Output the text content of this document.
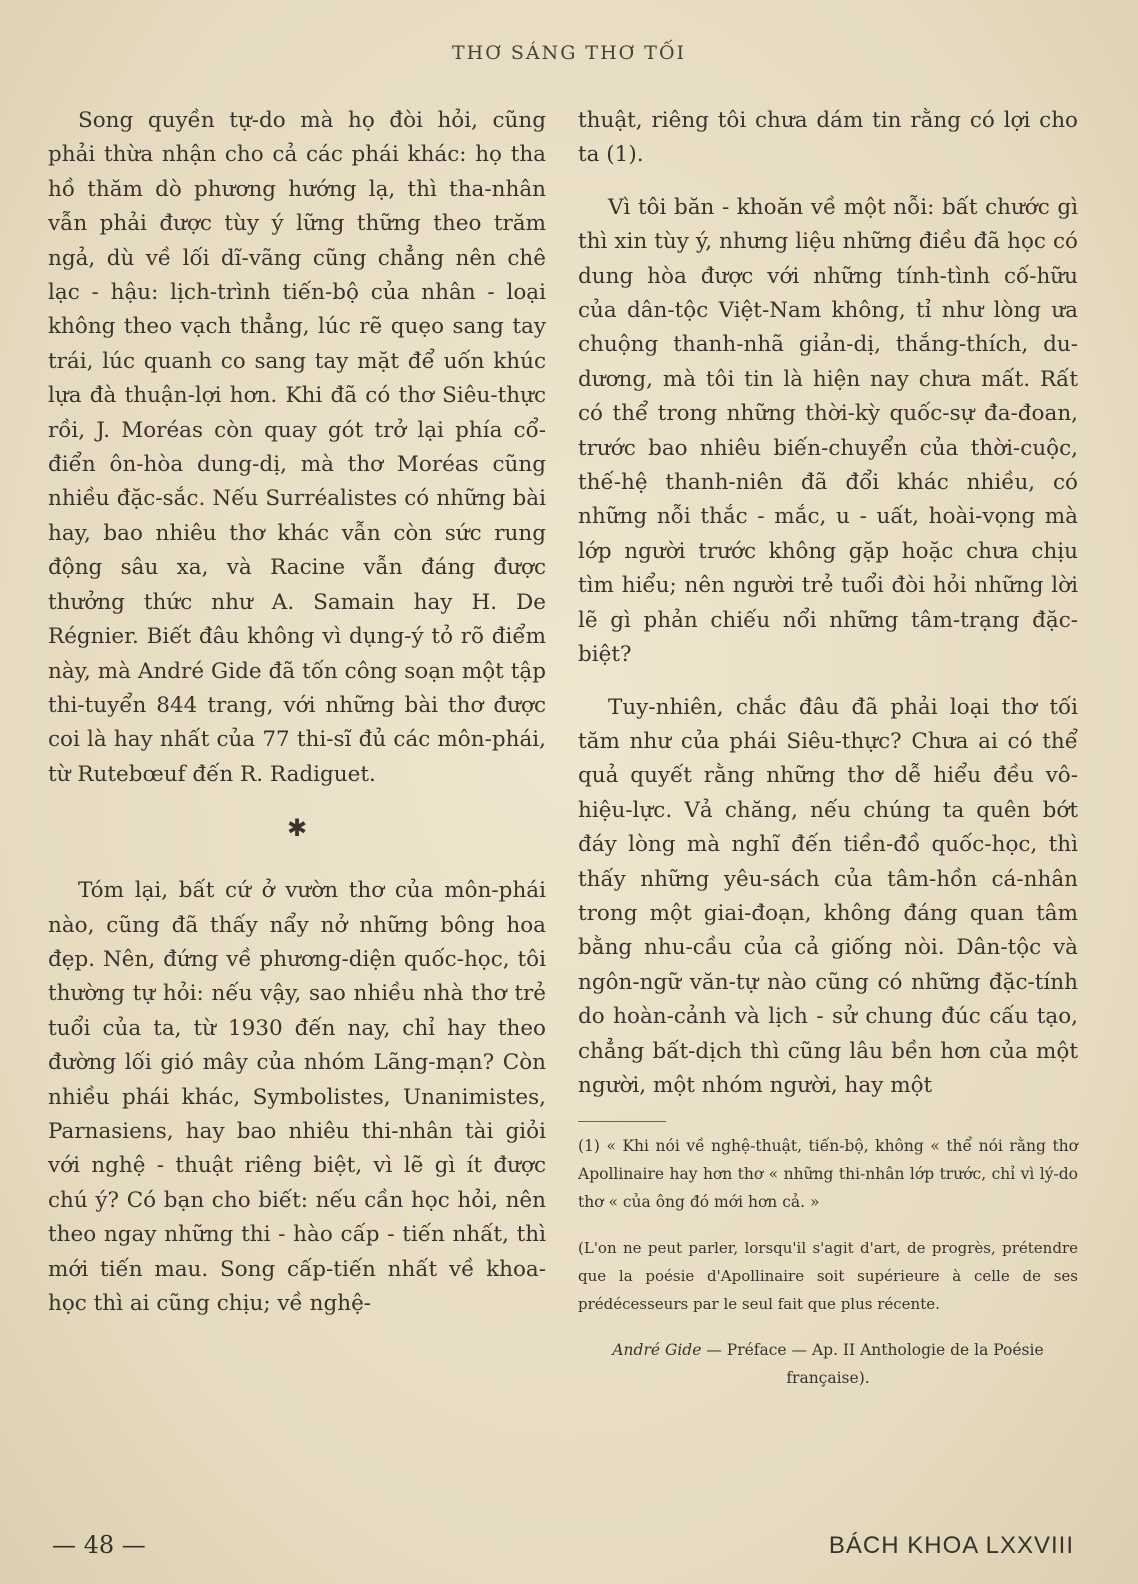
THƠ SÁNG THƠ TỐI

Song quyền tự-do mà họ đòi hỏi, cũng phải thừa nhận cho cả các phái khác: họ tha hồ thăm dò phương hướng lạ, thì tha-nhân vẫn phải được tùy ý lững thững theo trăm ngả, dù về lối dĩ-vãng cũng chẳng nên chê lạc - hậu: lịch-trình tiến-bộ của nhân - loại không theo vạch thẳng, lúc rẽ quẹo sang tay trái, lúc quanh co sang tay mặt để uốn khúc lựa đà thuận-lợi hơn. Khi đã có thơ Siêu-thực rồi, J. Moréas còn quay gót trở lại phía cổ-điển ôn-hòa dung-dị, mà thơ Moréas cũng nhiều đặc-sắc. Nếu Surréalistes có những bài hay, bao nhiêu thơ khác vẫn còn sức rung động sâu xa, và Racine vẫn đáng được thưởng thức như A. Samain hay H. De Régnier. Biết đâu không vì dụng-ý tỏ rõ điểm này, mà André Gide đã tốn công soạn một tập thi-tuyển 844 trang, với những bài thơ được coi là hay nhất của 77 thi-sĩ đủ các môn-phái, từ Rutebœuf đến R. Radiguet.

✱

Tóm lại, bất cứ ở vườn thơ của môn-phái nào, cũng đã thấy nẩy nở những bông hoa đẹp. Nên, đứng về phương-diện quốc-học, tôi thường tự hỏi: nếu vậy, sao nhiều nhà thơ trẻ tuổi của ta, từ 1930 đến nay, chỉ hay theo đường lối gió mây của nhóm Lãng-mạn? Còn nhiều phái khác, Symbolistes, Unanimistes, Parnasiens, hay bao nhiêu thi-nhân tài giỏi với nghệ - thuật riêng biệt, vì lẽ gì ít được chú ý? Có bạn cho biết: nếu cần học hỏi, nên theo ngay những thi - hào cấp - tiến nhất, thì mới tiến mau. Song cấp-tiến nhất về khoa-học thì ai cũng chịu; về nghệ-

thuật, riêng tôi chưa dám tin rằng có lợi cho ta (1).

Vì tôi băn - khoăn về một nỗi: bất chước gì thì xin tùy ý, nhưng liệu những điều đã học có dung hòa được với những tính-tình cố-hữu của dân-tộc Việt-Nam không, tỉ như lòng ưa chuộng thanh-nhã giản-dị, thắng-thích, du-dương, mà tôi tin là hiện nay chưa mất. Rất có thể trong những thời-kỳ quốc-sự đa-đoan, trước bao nhiêu biến-chuyển của thời-cuộc, thế-hệ thanh-niên đã đổi khác nhiều, có những nỗi thắc - mắc, u - uất, hoài-vọng mà lớp người trước không gặp hoặc chưa chịu tìm hiểu; nên người trẻ tuổi đòi hỏi những lời lẽ gì phản chiếu nổi những tâm-trạng đặc-biệt?

Tuy-nhiên, chắc đâu đã phải loại thơ tối tăm như của phái Siêu-thực? Chưa ai có thể quả quyết rằng những thơ dễ hiểu đều vô-hiệu-lực. Vả chăng, nếu chúng ta quên bớt đáy lòng mà nghĩ đến tiền-đồ quốc-học, thì thấy những yêu-sách của tâm-hồn cá-nhân trong một giai-đoạn, không đáng quan tâm bằng nhu-cầu của cả giống nòi. Dân-tộc và ngôn-ngữ văn-tự nào cũng có những đặc-tính do hoàn-cảnh và lịch - sử chung đúc cấu tạo, chẳng bất-dịch thì cũng lâu bền hơn của một người, một nhóm người, hay một

(1) « Khi nói về nghệ-thuật, tiến-bộ, không « thể nói rằng thơ Apollinaire hay hơn thơ « những thi-nhân lớp trước, chỉ vì lý-do thơ « của ông đó mới hơn cả. »

(L'on ne peut parler, lorsqu'il s'agit d'art, de progrès, prétendre que la poésie d'Apollinaire soit supérieure à celle de ses prédécesseurs par le seul fait que plus récente.

André Gide — Préface — Ap. II Anthologie de la Poésie française).

— 48 —	BÁCH KHOA LXXVIII
